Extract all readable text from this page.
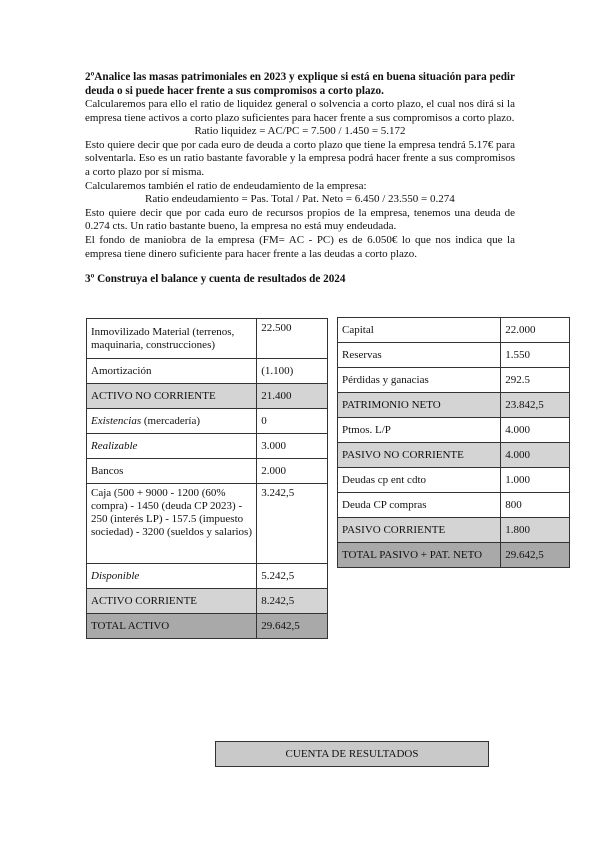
2ºAnalice las masas patrimoniales en 2023 y explique si está en buena situación para pedir deuda o si puede hacer frente a sus compromisos a corto plazo.

Calcularemos para ello el ratio de liquidez general o solvencia a corto plazo, el cual nos dirá si la empresa tiene activos a corto plazo suficientes para hacer frente a sus compromisos a corto plazo.

Ratio liquidez = AC/PC = 7.500 / 1.450 = 5.172

Esto quiere decir que por cada euro de deuda a corto plazo que tiene la empresa tendrá 5.17€ para solventarla. Eso es un ratio bastante favorable y la empresa podrá hacer frente a sus compromisos a corto plazo por sí misma.

Calcularemos también el ratio de endeudamiento de la empresa:

Ratio endeudamiento = Pas. Total / Pat. Neto = 6.450 / 23.550 = 0.274

Esto quiere decir que por cada euro de recursos propios de la empresa, tenemos una deuda de 0.274 cts. Un ratio bastante bueno, la empresa no está muy endeudada.

El fondo de maniobra de la empresa (FM= AC - PC) es de 6.050€ lo que nos indica que la empresa tiene dinero suficiente para hacer frente a las deudas a corto plazo.

3º Construya el balance y cuenta de resultados de 2024

Inmovilizado Material (terrenos, maquinaria, construcciones)	22.500
Amortización	(1.100)
ACTIVO NO CORRIENTE	21.400
Existencias (mercadería)	0
Realizable	3.000
Bancos	2.000
Caja (500 + 9000 - 1200 (60% compra) - 1450 (deuda CP 2023) - 250 (interés LP) - 157.5 (impuesto sociedad) - 3200 (sueldos y salarios)	3.242,5
Disponible	5.242,5
ACTIVO CORRIENTE	8.242,5
TOTAL ACTIVO	29.642,5
Capital	22.000
Reservas	1.550
Pérdidas y ganacias	292.5
PATRIMONIO NETO	23.842,5
Ptmos. L/P	4.000
PASIVO NO CORRIENTE	4.000
Deudas cp ent cdto	1.000
Deuda CP compras	800
PASIVO CORRIENTE	1.800
TOTAL PASIVO + PAT. NETO	29.642,5
CUENTA DE RESULTADOS
